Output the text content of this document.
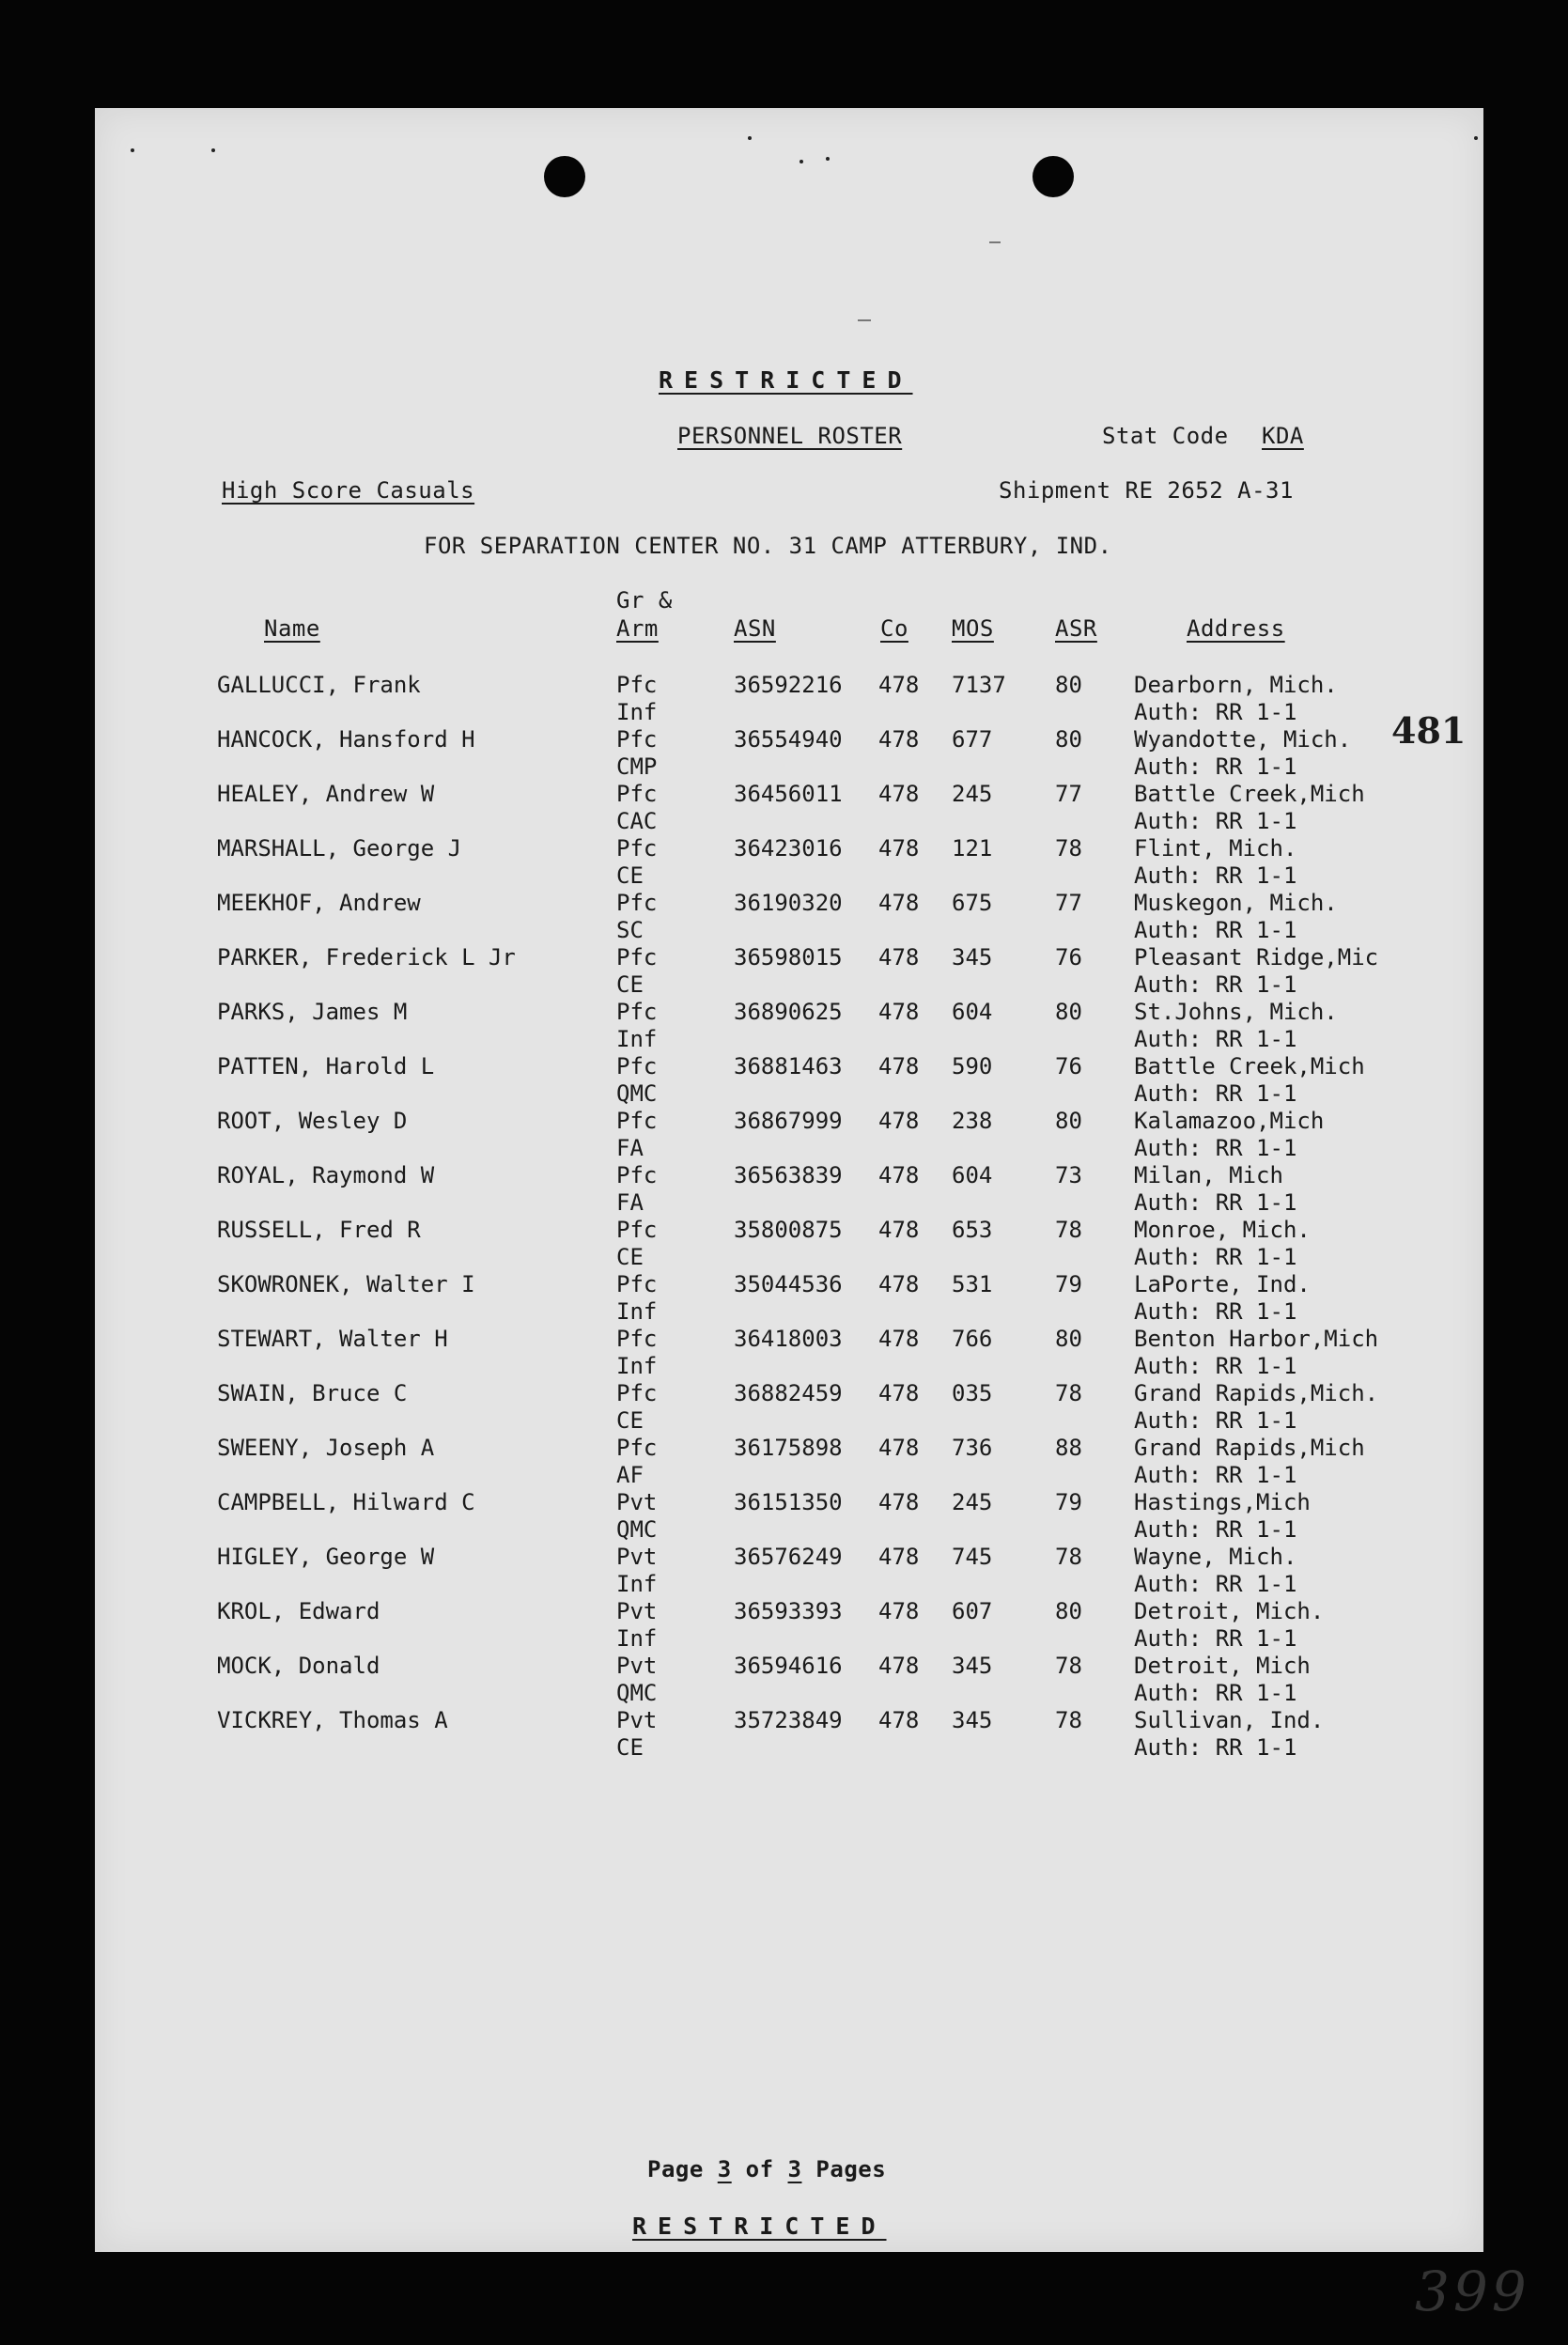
RESTRICTED
PERSONNEL ROSTER	Stat Code KDA
High Score Casuals	Shipment RE 2652 A-31
FOR SEPARATION CENTER NO. 31 CAMP ATTERBURY, IND.
Name
Gr &
Arm	ASN	Co MOS	ASR	Address
GALLUCCI, Frank	Pfc
Inf
36592216 478 7137 80 Dearborn, Mich.
Auth: RR 1-1
HANCOCK, Hansford H	Pfc
CMP
36554940 478 677	80 Wyandotte, Mich.
Auth: RR 1-1
HEALEY, Andrew W	Pfc
CAC
36456011 478 245	77 Battle Creek,Mich
Auth: RR 1-1
MARSHALL, George J	Pfc
CE
36423016 478 121	78 Flint, Mich.
Auth: RR 1-1
MEEKHOF, Andrew	Pfc
SC
36190320 478 675	77 Muskegon, Mich.
Auth: RR 1-1
PARKER, Frederick L Jr	Pfc
CE
36598015 478 345	76 Pleasant Ridge,Mic
Auth: RR 1-1
PARKS, James M	Pfc
Inf
36890625 478 604	80 St.Johns, Mich.
Auth: RR 1-1
PATTEN, Harold L	Pfc
QMC
36881463 478 590	76 Battle Creek,Mich
Auth: RR 1-1
ROOT, Wesley D	Pfc
FA
36867999 478 238	80 Kalamazoo,Mich
Auth: RR 1-1
ROYAL, Raymond W	Pfc
FA
36563839 478 604	73 Milan, Mich
Auth: RR 1-1
RUSSELL, Fred R	Pfc
CE
35800875 478 653	78 Monroe, Mich.
Auth: RR 1-1
SKOWRONEK, Walter I	Pfc
Inf
35044536 478 531	79 LaPorte, Ind.
Auth: RR 1-1
STEWART, Walter H	Pfc
Inf
36418003 478 766	80 Benton Harbor,Mich
Auth: RR 1-1
SWAIN, Bruce C	Pfc
CE
36882459 478 035	78 Grand Rapids,Mich.
Auth: RR 1-1
SWEENY, Joseph A	Pfc
AF
36175898 478 736	88 Grand Rapids,Mich
Auth: RR 1-1
CAMPBELL, Hilward C	Pvt
QMC
36151350 478 245	79 Hastings,Mich
Auth: RR 1-1
HIGLEY, George W	Pvt
Inf
36576249 478 745	78 Wayne, Mich.
Auth: RR 1-1
KROL, Edward	Pvt
Inf
36593393 478 607	80 Detroit, Mich.
Auth: RR 1-1
MOCK, Donald	Pvt
QMC
36594616 478 345	78 Detroit, Mich
Auth: RR 1-1
VICKREY, Thomas A	Pvt
CE
35723849 478 345	78 Sullivan, Ind.
Auth: RR 1-1
481
Page 3 of 3 Pages
RESTRICTED
399
